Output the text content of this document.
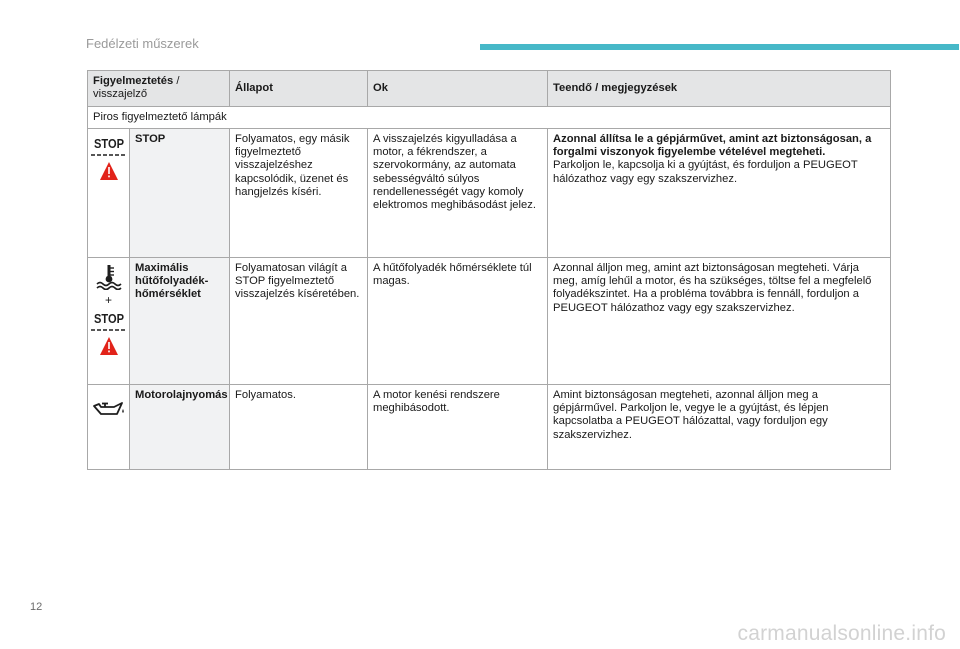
Fedélzeti műszerek
Figyelmeztetés / visszajelző		Állapot	Ok	Teendő / megjegyzések
Piros figyelmeztető lámpák				

STOP	STOP	Folyamatos, egy másik figyelmeztető visszajelzéshez kapcsolódik, üzenet és hangjelzés kíséri.	A visszajelzés kigyulladása a motor, a fékrendszer, a szervokormány, az automata sebességváltó súlyos rendellenességét vagy komoly elektromos meghibásodást jelez.	Azonnal állítsa le a gépjárművet, amint azt biztonságosan, a forgalmi viszonyok figyelembe vételével megteheti.
Parkoljon le, kapcsolja ki a gyújtást, és forduljon a PEUGEOT hálózathoz vagy egy szakszervizhez.

+
STOP	Maximális hűtőfolyadék-hőmérséklet	Folyamatosan világít a STOP figyelmeztető visszajelzés kíséretében.	A hűtőfolyadék hőmérséklete túl magas.	Azonnal álljon meg, amint azt biztonságosan megteheti. Várja meg, amíg lehűl a motor, és ha szükséges, töltse fel a megfelelő folyadékszintet. Ha a probléma továbbra is fennáll, forduljon a PEUGEOT hálózathoz vagy egy szakszervizhez.

	Motorolajnyomás	Folyamatos.	A motor kenési rendszere meghibásodott.	Amint biztonságosan megteheti, azonnal álljon meg a gépjárművel. Parkoljon le, vegye le a gyújtást, és lépjen kapcsolatba a PEUGEOT hálózattal, vagy forduljon egy szakszervizhez.
12
carmanualsonline.info
